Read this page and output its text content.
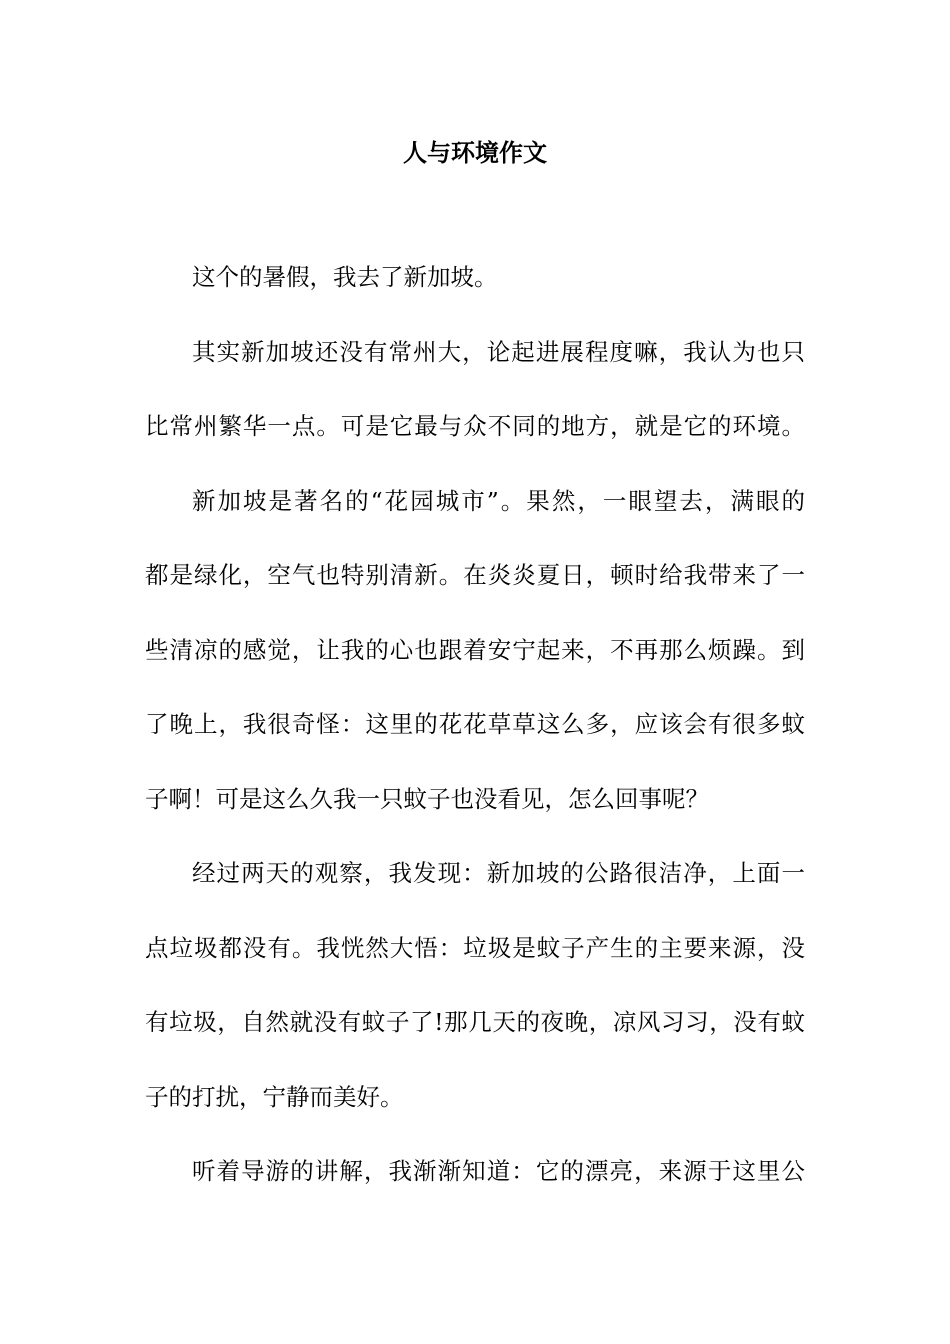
人与环境作文

这个的暑假，我去了新加坡。

其实新加坡还没有常州大，论起进展程度嘛，我认为也只

比常州繁华一点。可是它最与众不同的地方，就是它的环境。

新加坡是著名的“花园城市”。果然，一眼望去，满眼的

都是绿化，空气也特别清新。在炎炎夏日，顿时给我带来了一

些清凉的感觉，让我的心也跟着安宁起来，不再那么烦躁。到

了晚上，我很奇怪：这里的花花草草这么多，应该会有很多蚊

子啊！可是这么久我一只蚊子也没看见，怎么回事呢？

经过两天的观察，我发现：新加坡的公路很洁净，上面一

点垃圾都没有。我恍然大悟：垃圾是蚊子产生的主要来源，没

有垃圾，自然就没有蚊子了!那几天的夜晚，凉风习习，没有蚊

子的打扰，宁静而美好。

听着导游的讲解，我渐渐知道：它的漂亮，来源于这里公
